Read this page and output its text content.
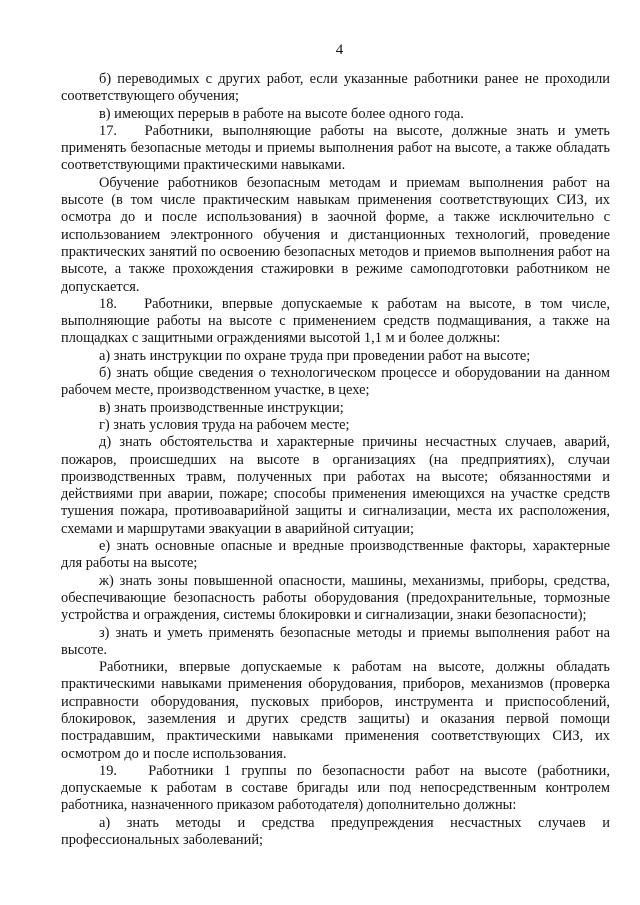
4

б) переводимых с других работ, если указанные работники ранее не проходили соответствующего обучения;

в) имеющих перерыв в работе на высоте более одного года.

17.   Работники, выполняющие работы на высоте, должные знать и уметь применять безопасные методы и приемы выполнения работ на высоте, а также обладать соответствующими практическими навыками.

Обучение работников безопасным методам и приемам выполнения работ на высоте (в том числе практическим навыкам применения соответствующих СИЗ, их осмотра до и после использования) в заочной форме, а также исключительно с использованием электронного обучения и дистанционных технологий, проведение практических занятий по освоению безопасных методов и приемов выполнения работ на высоте, а также прохождения стажировки в режиме самоподготовки работником не допускается.

18.   Работники, впервые допускаемые к работам на высоте, в том числе, выполняющие работы на высоте с применением средств подмащивания, а также на площадках с защитными ограждениями высотой 1,1 м и более должны:

а) знать инструкции по охране труда при проведении работ на высоте;

б) знать общие сведения о технологическом процессе и оборудовании на данном рабочем месте, производственном участке, в цехе;

в) знать производственные инструкции;

г) знать условия труда на рабочем месте;

д) знать обстоятельства и характерные причины несчастных случаев, аварий, пожаров, происшедших на высоте в организациях (на предприятиях), случаи производственных травм, полученных при работах на высоте; обязанностями и действиями при аварии, пожаре; способы применения имеющихся на участке средств тушения пожара, противоаварийной защиты и сигнализации, места их расположения, схемами и маршрутами эвакуации в аварийной ситуации;

е) знать основные опасные и вредные производственные факторы, характерные для работы на высоте;

ж) знать зоны повышенной опасности, машины, механизмы, приборы, средства, обеспечивающие безопасность работы оборудования (предохранительные, тормозные устройства и ограждения, системы блокировки и сигнализации, знаки безопасности);

з) знать и уметь применять безопасные методы и приемы выполнения работ на высоте.

Работники, впервые допускаемые к работам на высоте, должны обладать практическими навыками применения оборудования, приборов, механизмов (проверка исправности оборудования, пусковых приборов, инструмента и приспособлений, блокировок, заземления и других средств защиты) и оказания первой помощи пострадавшим, практическими навыками применения соответствующих СИЗ, их осмотром до и после использования.

19.   Работники 1 группы по безопасности работ на высоте (работники, допускаемые к работам в составе бригады или под непосредственным контролем работника, назначенного приказом работодателя) дополнительно должны:

а) знать методы и средства предупреждения несчастных случаев и профессиональных заболеваний;
